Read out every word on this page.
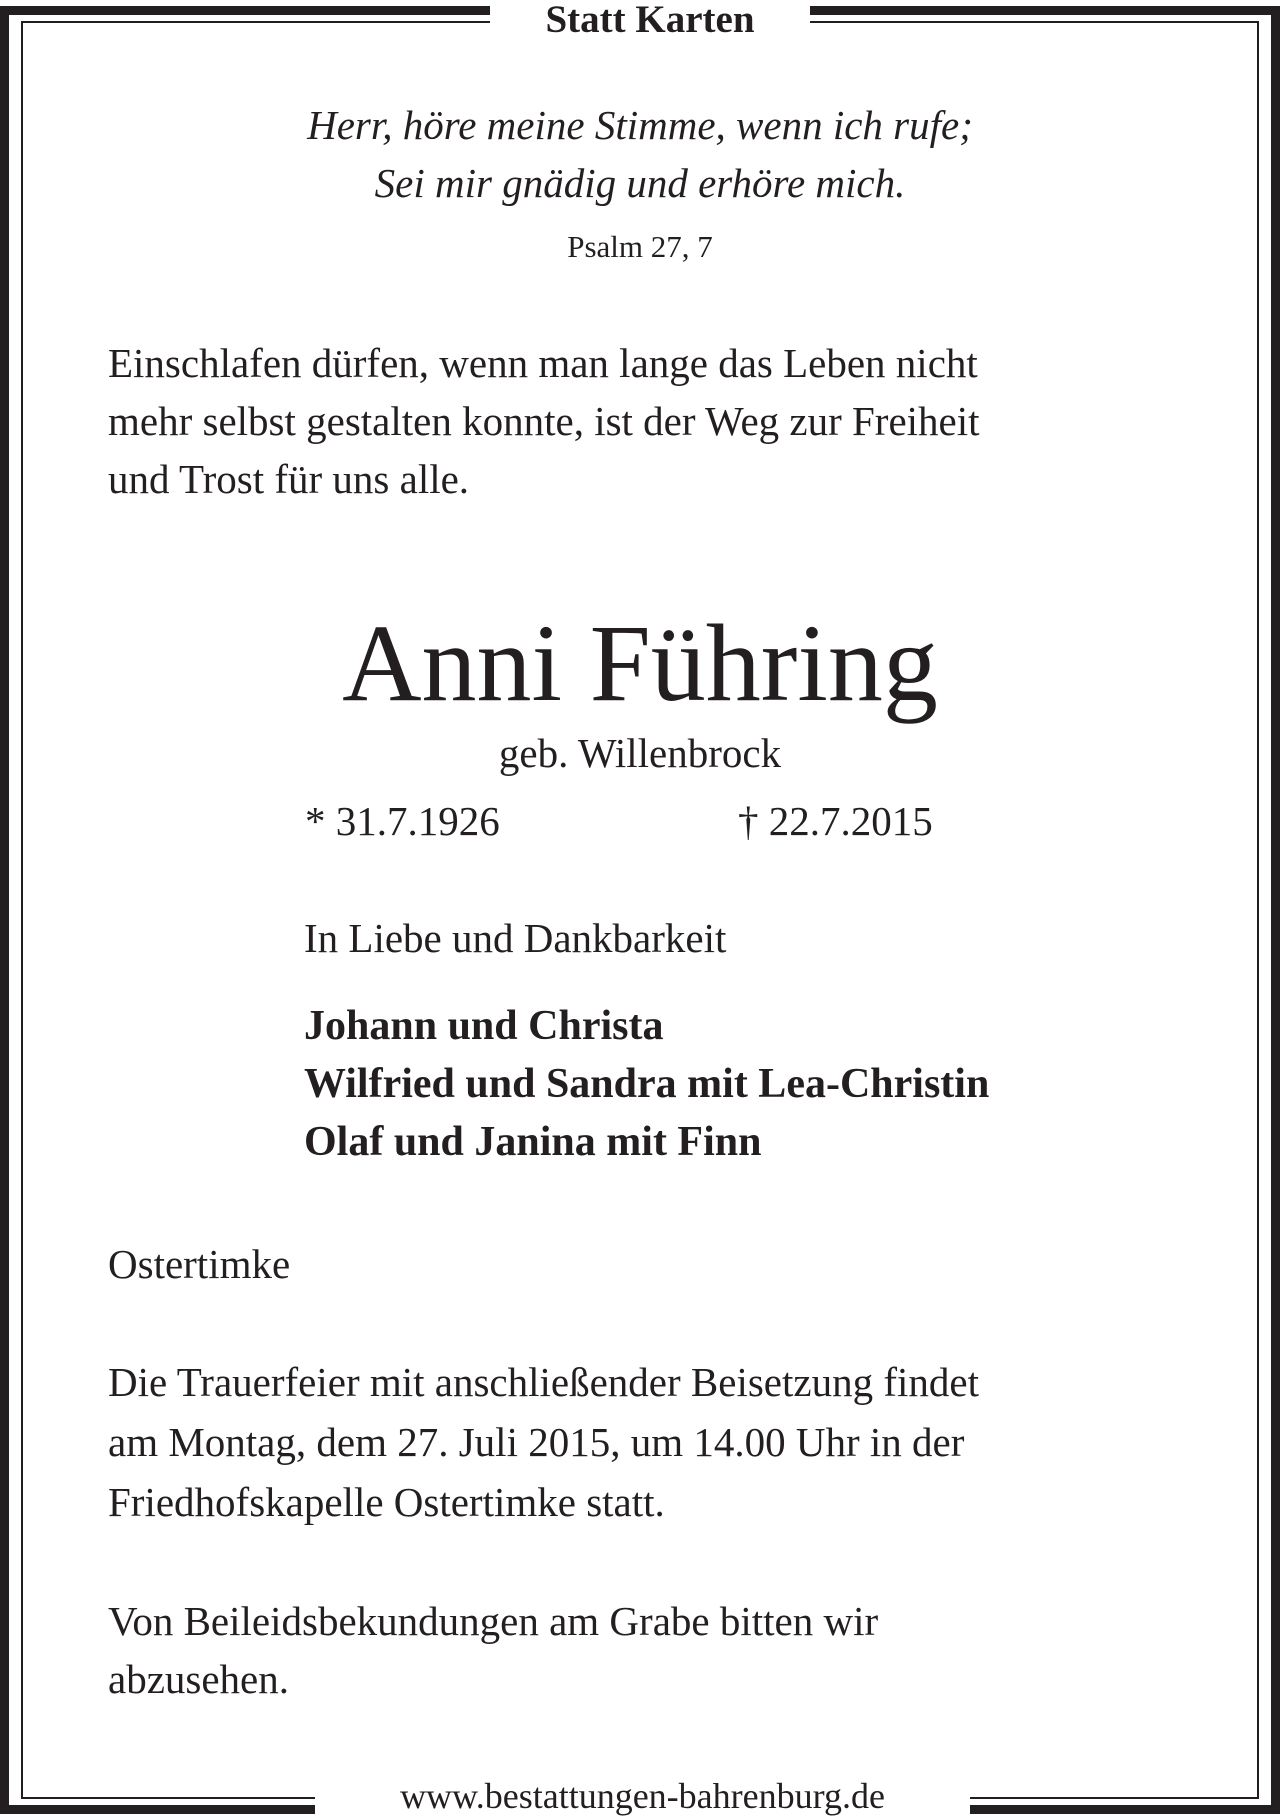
Statt Karten
Herr, höre meine Stimme, wenn ich rufe;
Sei mir gnädig und erhöre mich.
Psalm 27, 7
Einschlafen dürfen, wenn man lange das Leben nicht
mehr selbst gestalten konnte, ist der Weg zur Freiheit
und Trost für uns alle.
Anni Führing
geb. Willenbrock
* 31.7.1926	† 22.7.2015
In Liebe und Dankbarkeit
Johann und Christa
Wilfried und Sandra mit Lea-Christin
Olaf und Janina mit Finn
Ostertimke
Die Trauerfeier mit anschließender Beisetzung findet
am Montag, dem 27. Juli 2015, um 14.00 Uhr in der
Friedhofskapelle Ostertimke statt.
Von Beileidsbekundungen am Grabe bitten wir
abzusehen.
www.bestattungen-bahrenburg.de
